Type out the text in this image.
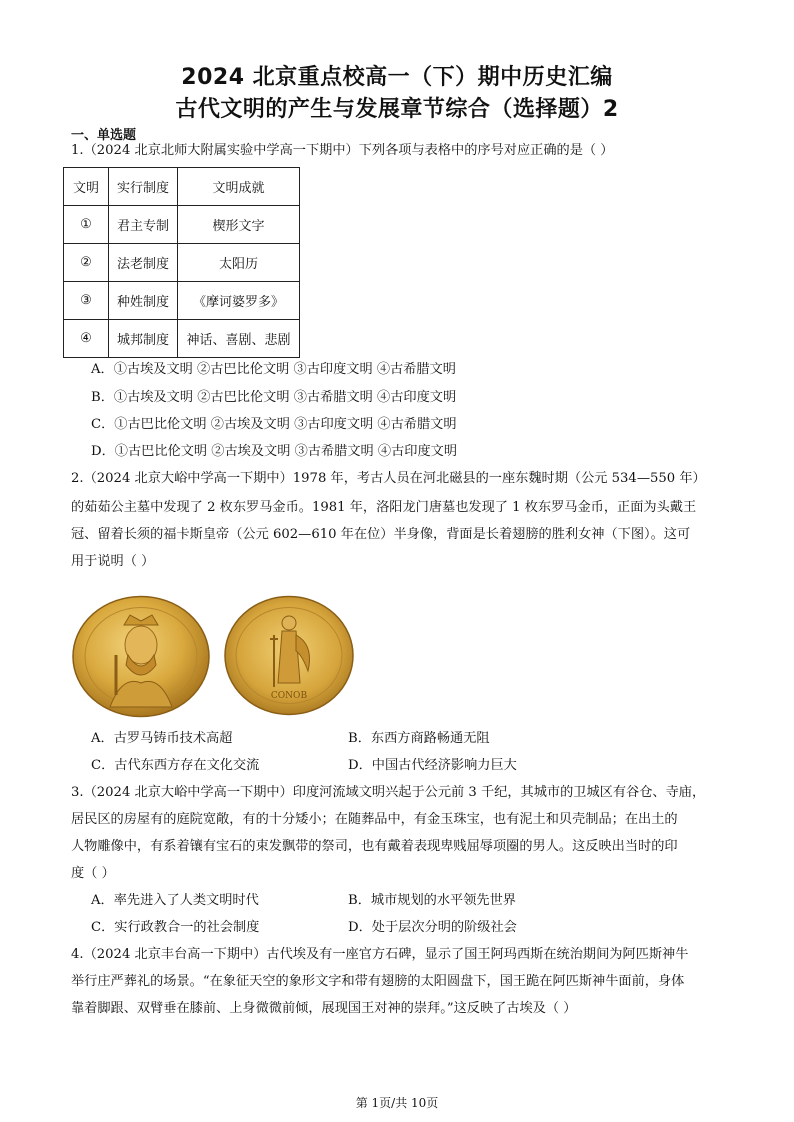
2024 北京重点校高一（下）期中历史汇编
古代文明的产生与发展章节综合（选择题）2
一、单选题
1.（2024 北京北师大附属实验中学高一下期中）下列各项与表格中的序号对应正确的是（ ）
文明	实行制度	文明成就
①	君主专制	楔形文字
②	法老制度	太阳历
③	种姓制度	《摩诃婆罗多》
④	城邦制度	神话、喜剧、悲剧
A．①古埃及文明 ②古巴比伦文明 ③古印度文明 ④古希腊文明
B．①古埃及文明 ②古巴比伦文明 ③古希腊文明 ④古印度文明
C．①古巴比伦文明 ②古埃及文明 ③古印度文明 ④古希腊文明
D．①古巴比伦文明 ②古埃及文明 ③古希腊文明 ④古印度文明
2.（2024 北京大峪中学高一下期中）1978 年，考古人员在河北磁县的一座东魏时期（公元 534—550 年）
的茹茹公主墓中发现了 2 枚东罗马金币。1981 年，洛阳龙门唐墓也发现了 1 枚东罗马金币，正面为头戴王
冠、留着长须的福卡斯皇帝（公元 602—610 年在位）半身像，背面是长着翅膀的胜利女神（下图）。这可
用于说明（ ）
CONOB
A．古罗马铸币技术高超	B．东西方商路畅通无阻
C．古代东西方存在文化交流	D．中国古代经济影响力巨大
3.（2024 北京大峪中学高一下期中）印度河流域文明兴起于公元前 3 千纪，其城市的卫城区有谷仓、寺庙，
居民区的房屋有的庭院宽敞，有的十分矮小；在随葬品中，有金玉珠宝，也有泥土和贝壳制品；在出土的
人物雕像中，有系着镶有宝石的束发飘带的祭司，也有戴着表现卑贱屈辱项圈的男人。这反映出当时的印
度（ ）
A．率先进入了人类文明时代	B．城市规划的水平领先世界
C．实行政教合一的社会制度	D．处于层次分明的阶级社会
4.（2024 北京丰台高一下期中）古代埃及有一座官方石碑，显示了国王阿玛西斯在统治期间为阿匹斯神牛
举行庄严葬礼的场景。“在象征天空的象形文字和带有翅膀的太阳圆盘下，国王跪在阿匹斯神牛面前，身体
靠着脚跟、双臂垂在膝前、上身微微前倾，展现国王对神的崇拜。”这反映了古埃及（ ）
第 1页/共 10页
